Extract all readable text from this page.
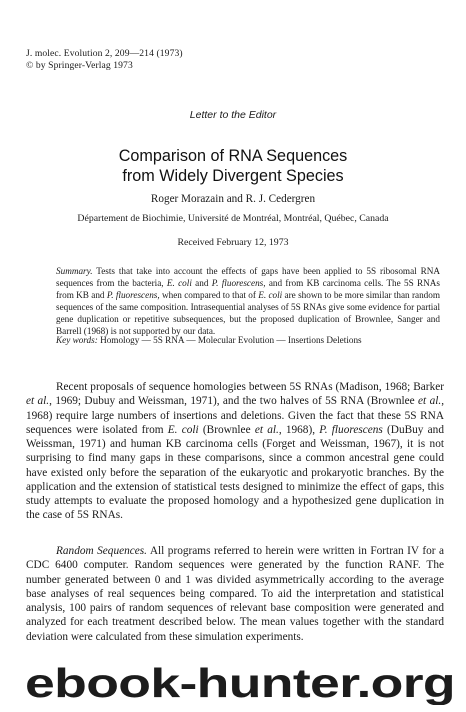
J. molec. Evolution 2, 209—214 (1973)
© by Springer-Verlag 1973
Letter to the Editor
Comparison of RNA Sequences
from Widely Divergent Species
Roger Morazain and R. J. Cedergren
Département de Biochimie, Université de Montréal, Montréal, Québec, Canada
Received February 12, 1973
Summary. Tests that take into account the effects of gaps have been applied to 5S ribosomal RNA sequences from the bacteria, E. coli and P. fluorescens, and from KB carcinoma cells. The 5S RNAs from KB and P. fluorescens, when compared to that of E. coli are shown to be more similar than random sequences of the same composition. Intrasequential analyses of 5S RNAs give some evidence for partial gene duplication or repetitive subsequences, but the proposed duplication of Brownlee, Sanger and Barrell (1968) is not supported by our data.
Key words: Homology — 5S RNA — Molecular Evolution — Insertions Deletions
Recent proposals of sequence homologies between 5S RNAs (Madison, 1968; Barker et al., 1969; Dubuy and Weissman, 1971), and the two halves of 5S RNA (Brownlee et al., 1968) require large numbers of insertions and deletions. Given the fact that these 5S RNA sequences were isolated from E. coli (Brownlee et al., 1968), P. fluorescens (DuBuy and Weissman, 1971) and human KB carcinoma cells (Forget and Weissman, 1967), it is not surprising to find many gaps in these comparisons, since a common ancestral gene could have existed only before the separation of the eukaryotic and prokaryotic branches. By the application and the extension of statistical tests designed to minimize the effect of gaps, this study attempts to evaluate the proposed homology and a hypothesized gene duplication in the case of 5S RNAs.
Random Sequences. All programs referred to herein were written in Fortran IV for a CDC 6400 computer. Random sequences were generated by the function RANF. The number generated between 0 and 1 was divided asymmetrically according to the average base analyses of real sequences being compared. To aid the interpretation and statistical analysis, 100 pairs of random sequences of relevant base composition were generated and analyzed for each treatment described below. The mean values together with the standard deviation were calculated from these simulation experiments.
ebook-hunter.org
